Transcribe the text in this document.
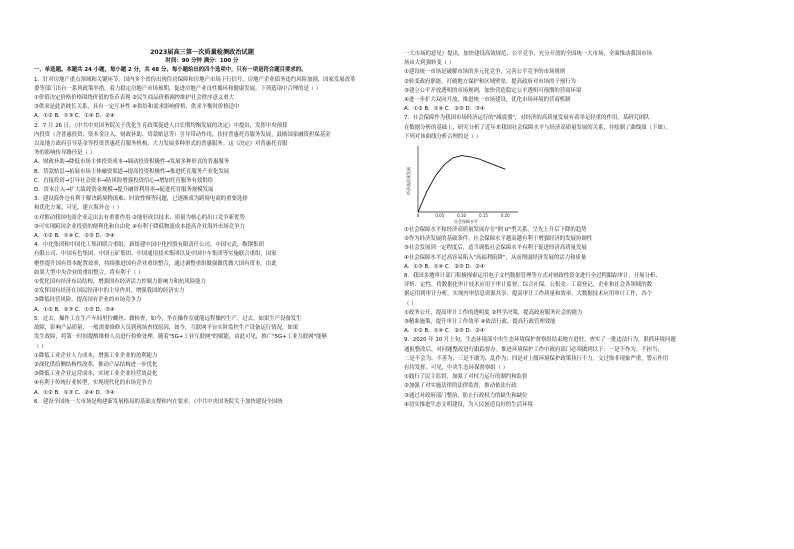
2023届高三第一次质量检测政治试题
时间：90 分钟 满分：100 分
一、单选题。本题共 24 小题，每小题 2 分，共 48 分。每小题给出的四个选项中，只有一项是符合题目要求的。
1．针对房地产重点领域和关键环节，国内多个省份出现住房保障和房地产市场下行信号，房地产企业债务违约风险加剧，国家发展改革
委等部门出台一系列政策举措，着力稳定房地产市场预期，促进房地产业良性循环和健康发展。下列选项中合理的是（ ）
①价值决定价格价格围绕价值的货币表现 ②民生商品价格调控维护社会秩序意义重大
③供求是此消彼长关系，具有一定互补性 ④供给和需求影响价格，供求平衡时价格适中
A．①② B．①③ C．①④ D．②④
2．7 月 26 日，《中共中央国务院关于优化生育政策促进人口长期均衡发展的决定》中提出，发挥中央预算
内投资（含普惠投资、资本金注入、财政补助、贷款贴息等）引导带动作用，扶持普惠托育服务发展，鼓励国家融资担保基金
以及地方政府引导基金等投资普惠托育服务机构，大力发展多种形式的普惠服务。这《决定》对普惠托育服
务的影响传导路径是（ ）
A．财政补助→降低市场主体投资成本→调动投资积极性→发展多种形式的普惠服务
B．贷款贴息→拓展市场主体融资渠道→提高投资积极性→推进托育服务产业化发展
C．直接投资→引导社会资本→防风险增强投资信心→增加托育服务有效供给
D．资本注入→扩大绩效资金规模→提升融资利用率→促进托育服务规模发展
3．建设海外仓有利于解决跨境物流难、时效性慢等问题，已逐渐成为跨境电商的重要选择
和优化方案。可见，建立海外仓（ ）
①对推动我国电商企业走出去有重要作用 ②能形成以技术、质量为核心的出口竞争新优势
③可实现跨国企业投资的便利化和自由化 ④有利于降低物流成本提高企业海外市场竞争力
A．①② B．①④ C．②③ D．③④
4．中化集团和中国化工集团联合重组，新组建中国中化控股有限责任公司，中国宝武、鞍钢集团
有限公司、中国有色集团、中国五矿集团、中国通用技术集团以及中国中车集团等实施联合重组，国家
聚焦提升国有资本配置效率，持续推进国有企业重组整合，通过调整重组做强做优做大国有资本。由此
如果大型中央企业的重组整合，将有利于（ ）
①优化国有经济布局结构，增强国有经济活力控制力影响力和抗风险能力
②发挥国有经济在国民经济中的主导作用，增强我国的经济实力
③降低经营风险，提高国有企业的市场竞争力
A．①② B．②③ C．①③ D．③④
5．过去，操作工在生产车间里拧螺丝、做检查，如今，坐在操作室就能远程操控生产。过去，如果生产设备发生
故障，影响产品质量，一般需要维修人员到现场查找原因，如今，互联网平台实时监控生产设备运行情况，如果
发生故障，将第一时间提醒维修人员进行检修处理。随着"5G+工业互联网"的赋能，由此可见，推广"5G+工业互联网"能够
（ ）
①降低工业企业人力成本，增强工业企业的盈利能力
②深化供给侧结构性改革，推动产品结构进一步优化
③降低工业企业运营成本，实现工业企业经营效益化
④有利于传统行业转型，实现现代化的市场竞争力
A．①② B．①③ C．②④ D．③④
6．建设全国统一大市场是构建新发展格局的基础支撑和内在要求。《中共中央国务院关于加快建设全国统
一大市场的意见》提出，加快建设高效规范、公平竞争、充分开放的全国统一大市场，全面推动我国市场
场由大到强转变（ ）
①建设统一市场是破解市场的多元化竞争，完善公平竞争的市场规则
②转变政府职能，打破地方保护和区域壁垒，提高政府对市场的干预行为
③建立公平开放透明的市场规则，加快营造稳定公平透明可预期的营商环境
④进一步扩大双向开放，推进统一市场建设，优化市场环境的营商机制
A．①② B．①④ C．②③ D．③④
7．社会保障作为我国市场经济运行的"减震器"，对经济的高质量发展有着举足轻重的作用。某研究团队
在数据分析的基础上，研究分析了近年来我国社会保障水平与经济高质量发展的关系，并绘制了曲线图（下图）。
下列对该曲线分析合理的是（ ）
0	0.05	0.10	0.15	0.20
社会保障水平
经济高质量发展
①社会保障水平和经济高质量发展存在"倒 U"型关系，呈先上升后下降的趋势
②作为经济发展的基础条件，社会保障水平越高越有利于增强经济的发展协调性
③社会发展到一定程度后，适当调低社会保障水平有利于促进经济高质量发展
④社会保障水平过高容易陷入"高福利陷阱"，从而削弱经济发展的活力和质量
A．①③ B．①④ C．②③ D．②④
8．我国多地审计部门积极探索运用电子文档数据管理等方式对财政性资金进行全过程跟踪审计，开展分析、
评析、定性，将数据化审计技术应用于审计监督，综合社保、公积金、工商登记、企业和社会各领域的数
据运用到审计分析，实现内审信息资源共享、提高审计工作质量和效率。大数据技术应用审计工作，各个
（ ）
①政务公开，提高审计工作的透明度 ②科学决策，提高政府服务社会的能力
③精准施策，提升审计工作效率 ④依法行政，提高行政管理效能
A．①② B．①④ C．②③ D．②④
9．2020 年 10 月上旬，生态环境部中央生态环境保护督察组结束地方进驻，查实了一批违法行为，狠抓环境问题
通报整改后，对问题整改进行跟踪督办。推进环境保护工作中政府部门必须做到以下：一是不作为、不担当；
二是不会为、不善为；三是不敢为、乱作为；四是对上级环境保护政策执行不力，文过饰非现象严重，警示作用
有待发挥。可见，中央生态环保督察组（ ）
①践行了民主监督，加强了对权力运行的制约和监督
②加强了对实施法律的法律监督，推动依法行政
③通过对政府部门整治，防止行政权力的缺失和缺位
④切实推进生态文明建设，为人民创造良好的生活环境
